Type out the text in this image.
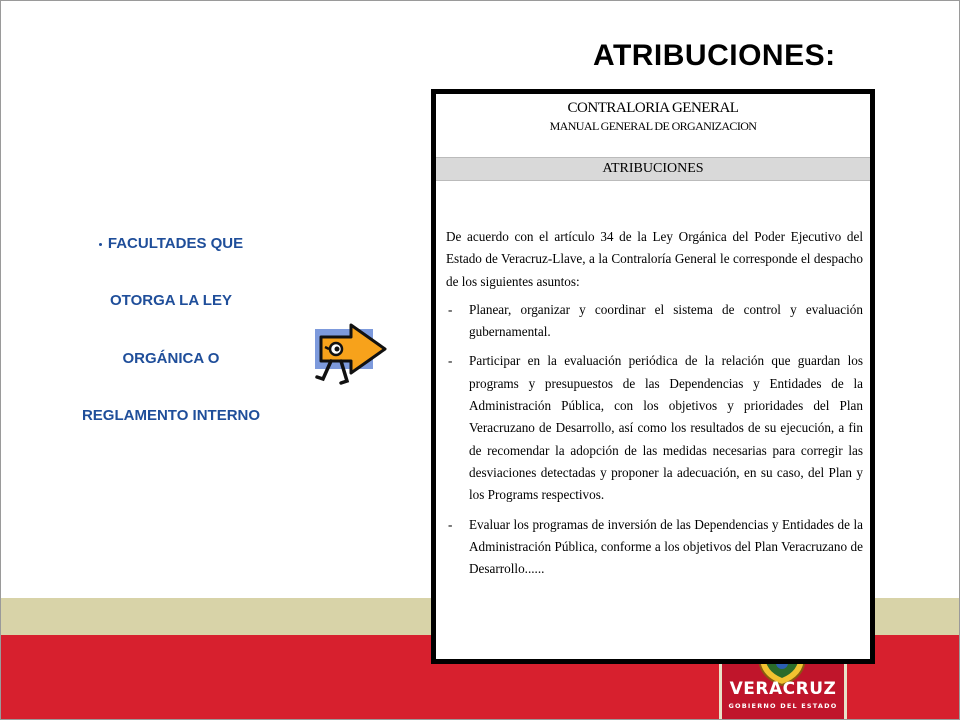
VERACRUZ
GOBIERNO DEL ESTADO
ATRIBUCIONES:
FACULTADES QUE
OTORGA LA LEY
ORGÁNICA O
REGLAMENTO INTERNO
CONTRALORIA GENERAL
MANUAL GENERAL DE ORGANIZACION
ATRIBUCIONES

De acuerdo con el artículo 34 de la Ley Orgánica del Poder Ejecutivo del Estado de Veracruz-Llave, a la Contraloría General le corresponde el despacho de los siguientes asuntos:

- Planear, organizar y coordinar el sistema de control y evaluación gubernamental.
- Participar en la evaluación periódica de la relación que guardan los programs y presupuestos de las Dependencias y Entidades de la Administración Pública, con los objetivos y prioridades del Plan Veracruzano de Desarrollo, así como los resultados de su ejecución, a fin de recomendar la adopción de las medidas necesarias para corregir las desviaciones detectadas y proponer la adecuación, en su caso, del Plan y los Programs respectivos.
- Evaluar los programas de inversión de las Dependencias y Entidades de la Administración Pública, conforme a los objetivos del Plan Veracruzano de Desarrollo......
